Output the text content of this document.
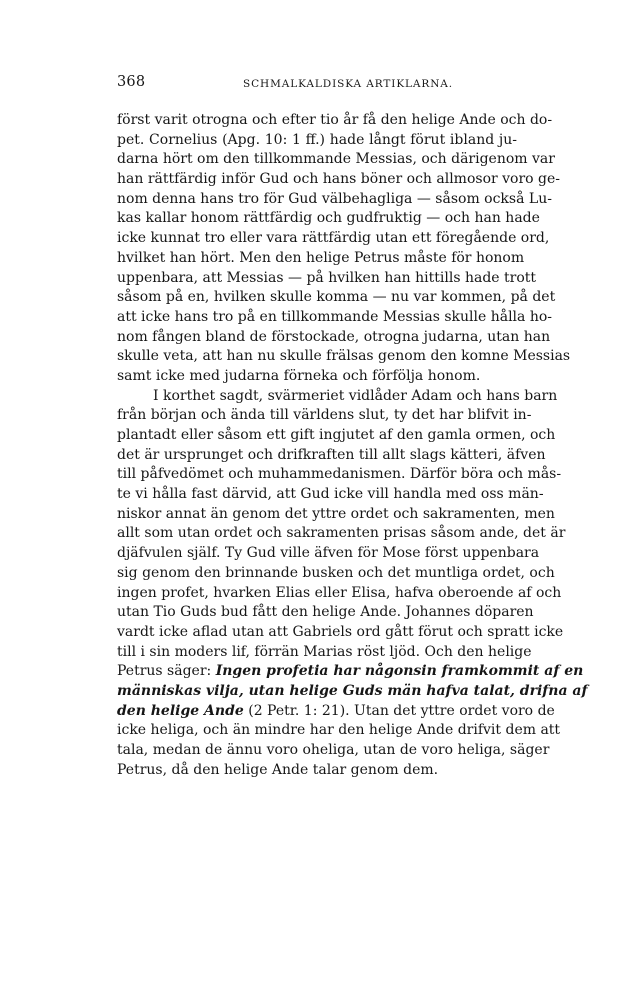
368	SCHMALKALDISKA ARTIKLARNA.
först varit otrogna och efter tio år få den helige Ande och do-
pet. Cornelius (Apg. 10: 1 ff.) hade långt förut ibland ju-
darna hört om den tillkommande Messias, och därigenom var
han rättfärdig inför Gud och hans böner och allmosor voro ge-
nom denna hans tro för Gud välbehagliga — såsom också Lu-
kas kallar honom rättfärdig och gudfruktig — och han hade
icke kunnat tro eller vara rättfärdig utan ett föregående ord,
hvilket han hört. Men den helige Petrus måste för honom
uppenbara, att Messias — på hvilken han hittills hade trott
såsom på en, hvilken skulle komma — nu var kommen, på det
att icke hans tro på en tillkommande Messias skulle hålla ho-
nom fången bland de förstockade, otrogna judarna, utan han
skulle veta, att han nu skulle frälsas genom den komne Messias
samt icke med judarna förneka och förfölja honom.
I korthet sagdt, svärmeriet vidlåder Adam och hans barn
från början och ända till världens slut, ty det har blifvit in-
plantadt eller såsom ett gift ingjutet af den gamla ormen, och
det är ursprunget och drifkraften till allt slags kätteri, äfven
till påfvedömet och muhammedanismen. Därför böra och mås-
te vi hålla fast därvid, att Gud icke vill handla med oss män-
niskor annat än genom det yttre ordet och sakramenten, men
allt som utan ordet och sakramenten prisas såsom ande, det är
djäfvulen själf. Ty Gud ville äfven för Mose först uppenbara
sig genom den brinnande busken och det muntliga ordet, och
ingen profet, hvarken Elias eller Elisa, hafva oberoende af och
utan Tio Guds bud fått den helige Ande. Johannes döparen
vardt icke aflad utan att Gabriels ord gått förut och spratt icke
till i sin moders lif, förrän Marias röst ljöd. Och den helige
Petrus säger: Ingen profetia har någonsin framkommit af en
människas vilja, utan helige Guds män hafva talat, drifna af
den helige Ande (2 Petr. 1: 21). Utan det yttre ordet voro de
icke heliga, och än mindre har den helige Ande drifvit dem att
tala, medan de ännu voro oheliga, utan de voro heliga, säger
Petrus, då den helige Ande talar genom dem.
